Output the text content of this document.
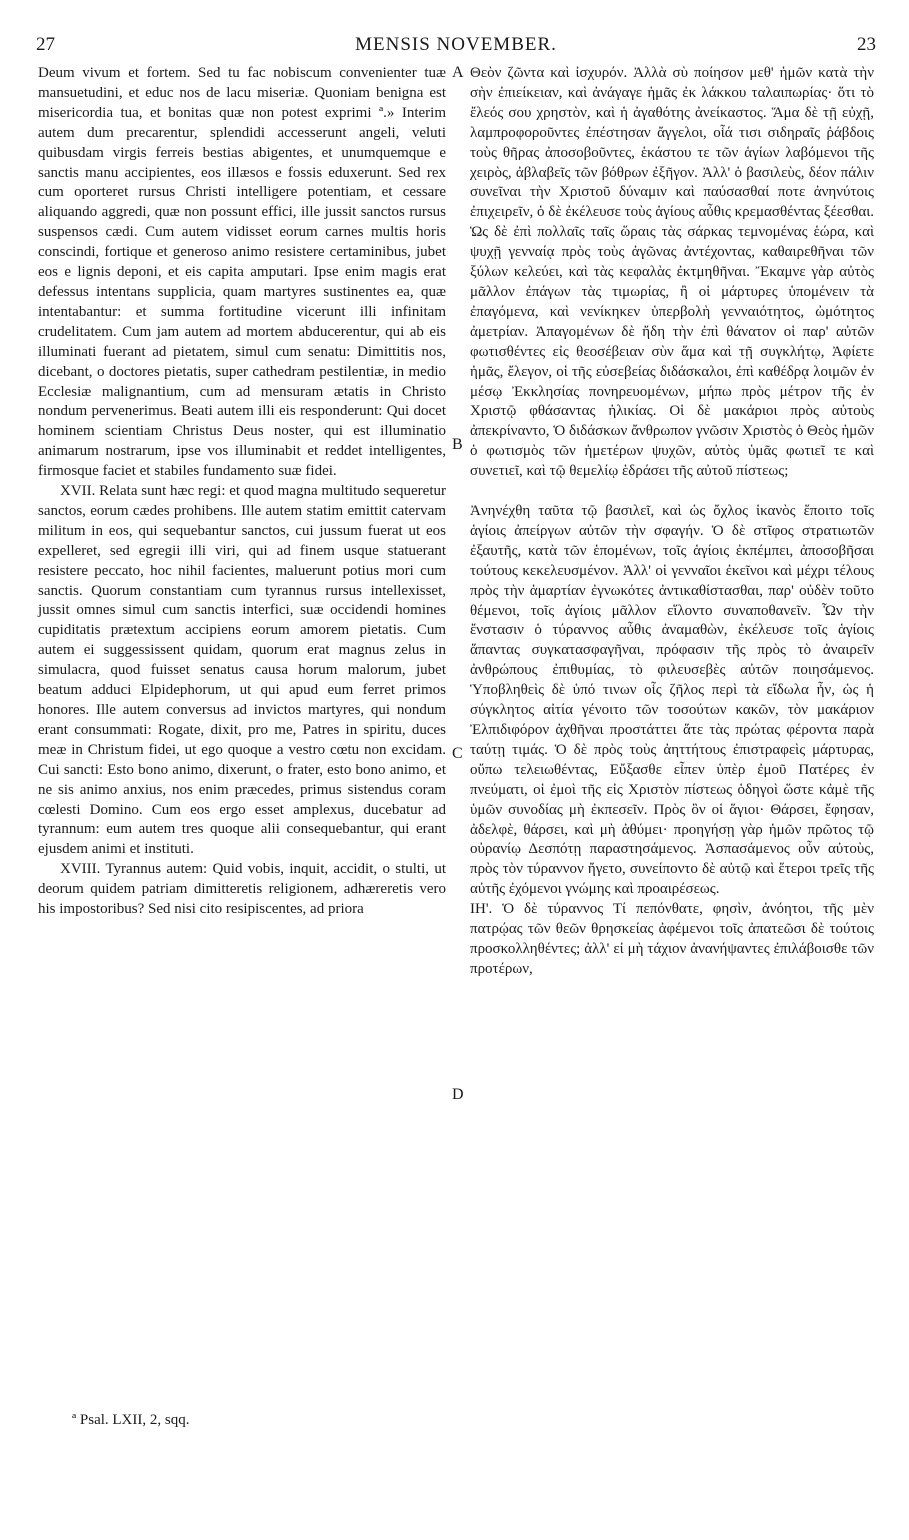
27	MENSIS NOVEMBER.	23

Deum vivum et fortem. Sed tu fac nobiscum convenienter tuæ mansuetudini, et educ nos de lacu miseriæ. Quoniam benigna est misericordia tua, et bonitas quæ non potest exprimi ª.» Interim autem dum precarentur, splendidi accesserunt angeli, veluti quibusdam virgis ferreis bestias abigentes, et unumquemque e sanctis manu accipientes, eos illæsos e fossis eduxerunt. Sed rex cum oporteret rursus Christi intelligere potentiam, et cessare aliquando aggredi, quæ non possunt effici, ille jussit sanctos rursus suspensos cædi. Cum autem vidisset eorum carnes multis horis conscindi, fortique et generoso animo resistere certaminibus, jubet eos e lignis deponi, et eis capita amputari. Ipse enim magis erat defessus intentans supplicia, quam martyres sustinentes ea, quæ intentabantur: et summa fortitudine vicerunt illi infinitam crudelitatem. Cum jam autem ad mortem abducerentur, qui ab eis illuminati fuerant ad pietatem, simul cum senatu: Dimittitis nos, dicebant, o doctores pietatis, super cathedram pestilentiæ, in medio Ecclesiæ malignantium, cum ad mensuram ætatis in Christo nondum pervenerimus. Beati autem illi eis responderunt: Qui docet hominem scientiam Christus Deus noster, qui est illuminatio animarum nostrarum, ipse vos illuminabit et reddet intelligentes, firmosque faciet et stabiles fundamento suæ fidei.

XVII. Relata sunt hæc regi: et quod magna multitudo sequeretur sanctos, eorum cædes prohibens. Ille autem statim emittit catervam militum in eos, qui sequebantur sanctos, cui jussum fuerat ut eos expelleret, sed egregii illi viri, qui ad finem usque statuerant resistere peccato, hoc nihil facientes, maluerunt potius mori cum sanctis. Quorum constantiam cum tyrannus rursus intellexisset, jussit omnes simul cum sanctis interfici, suæ occidendi homines cupiditatis prætextum accipiens eorum amorem pietatis. Cum autem ei suggessissent quidam, quorum erat magnus zelus in simulacra, quod fuisset senatus causa horum malorum, jubet beatum adduci Elpidephorum, ut qui apud eum ferret primos honores. Ille autem conversus ad invictos martyres, qui nondum erant consummati: Rogate, dixit, pro me, Patres in spiritu, duces meæ in Christum fidei, ut ego quoque a vestro cœtu non excidam. Cui sancti: Esto bono animo, dixerunt, o frater, esto bono animo, et ne sis animo anxius, nos enim præcedes, primus sistendus coram cœlesti Domino. Cum eos ergo esset amplexus, ducebatur ad tyrannum: eum autem tres quoque alii consequebantur, qui erant ejusdem animi et instituti.

XVIII. Tyrannus autem: Quid vobis, inquit, accidit, o stulti, ut deorum quidem patriam dimitteretis religionem, adhæreretis vero his impostoribus? Sed nisi cito resipiscentes, ad priora

Θεὸν ζῶντα καὶ ἰσχυρόν. Ἀλλὰ σὺ ποίησον μεθ' ἡμῶν κατὰ τὴν σὴν ἐπιείκειαν, καὶ ἀνάγαγε ἡμᾶς ἐκ λάκκου ταλαιπωρίας· ὅτι τὸ ἔλεός σου χρηστὸν, καὶ ἡ ἀγαθότης ἀνείκαστος. Ἅμα δὲ τῇ εὐχῇ, λαμπροφοροῦντες ἐπέστησαν ἄγγελοι, οἷά τισι σιδηραῖς ῥάβδοις τοὺς θῆρας ἀποσοβοῦντες, ἑκάστου τε τῶν ἁγίων λαβόμενοι τῆς χειρὸς, ἀβλαβεῖς τῶν βόθρων ἐξῆγον. Ἀλλ' ὁ βασιλεὺς, δέον πάλιν συνεῖναι τὴν Χριστοῦ δύναμιν καὶ παύσασθαί ποτε ἀνηνύτοις ἐπιχειρεῖν, ὁ δὲ ἐκέλευσε τοὺς ἁγίους αὖθις κρεμασθέντας ξέεσθαι. Ὡς δὲ ἐπὶ πολλαῖς ταῖς ὥραις τὰς σάρκας τεμνομένας ἑώρα, καὶ ψυχῇ γενναίᾳ πρὸς τοὺς ἀγῶνας ἀντέχοντας, καθαιρεθῆναι τῶν ξύλων κελεύει, καὶ τὰς κεφαλὰς ἐκτμηθῆναι. Ἔκαμνε γὰρ αὐτὸς μᾶλλον ἐπάγων τὰς τιμωρίας, ἢ οἱ μάρτυρες ὑπομένειν τὰ ἐπαγόμενα, καὶ νενίκηκεν ὑπερβολὴ γενναιότητος, ὠμότητος ἀμετρίαν. Ἀπαγομένων δὲ ἤδη τὴν ἐπὶ θάνατον οἱ παρ' αὐτῶν φωτισθέντες εἰς θεοσέβειαν σὺν ἅμα καὶ τῇ συγκλήτῳ, Ἀφίετε ἡμᾶς, ἔλεγον, οἱ τῆς εὐσεβείας διδάσκαλοι, ἐπὶ καθέδρᾳ λοιμῶν ἐν μέσῳ Ἐκκλησίας πονηρευομένων, μήπω πρὸς μέτρον τῆς ἐν Χριστῷ φθάσαντας ἡλικίας. Οἱ δὲ μακάριοι πρὸς αὐτοὺς ἀπεκρίναντο, Ὁ διδάσκων ἄνθρωπον γνῶσιν Χριστὸς ὁ Θεὸς ἡμῶν ὁ φωτισμὸς τῶν ἡμετέρων ψυχῶν, αὐτὸς ὑμᾶς φωτιεῖ τε καὶ συνετιεῖ, καὶ τῷ θεμελίῳ ἑδράσει τῆς αὐτοῦ πίστεως;

Ἀνηνέχθη ταῦτα τῷ βασιλεῖ, καὶ ὡς ὄχλος ἱκανὸς ἕποιτο τοῖς ἁγίοις ἀπείργων αὐτῶν τὴν σφαγήν. Ὁ δὲ στῖφος στρατιωτῶν ἐξαυτῆς, κατὰ τῶν ἑπομένων, τοῖς ἁγίοις ἐκπέμπει, ἀποσοβῆσαι τούτους κεκελευσμένον. Ἀλλ' οἱ γενναῖοι ἐκεῖνοι καὶ μέχρι τέλους πρὸς τὴν ἁμαρτίαν ἐγνωκότες ἀντικαθίστασθαι, παρ' οὐδὲν τοῦτο θέμενοι, τοῖς ἁγίοις μᾶλλον εἵλοντο συναποθανεῖν. Ὧν τὴν ἔνστασιν ὁ τύραννος αὖθις ἀναμαθὼν, ἐκέλευσε τοῖς ἁγίοις ἅπαντας συγκατασφαγῆναι, πρόφασιν τῆς πρὸς τὸ ἀναιρεῖν ἀνθρώπους ἐπιθυμίας, τὸ φιλευσεβὲς αὐτῶν ποιησάμενος. Ὑποβληθεὶς δὲ ὑπό τινων οἷς ζῆλος περὶ τὰ εἴδωλα ἦν, ὡς ἡ σύγκλητος αἰτία γένοιτο τῶν τοσούτων κακῶν, τὸν μακάριον Ἐλπιδιφόρον ἀχθῆναι προστάττει ἅτε τὰς πρώτας φέροντα παρὰ ταύτῃ τιμάς. Ὁ δὲ πρὸς τοὺς ἀηττήτους ἐπιστραφεὶς μάρτυρας, οὔπω τελειωθέντας, Εὔξασθε εἶπεν ὑπὲρ ἐμοῦ Πατέρες ἐν πνεύματι, οἱ ἐμοὶ τῆς εἰς Χριστὸν πίστεως ὁδηγοὶ ὥστε κἀμὲ τῆς ὑμῶν συνοδίας μὴ ἐκπεσεῖν. Πρὸς ὃν οἱ ἅγιοι· Θάρσει, ἔφησαν, ἀδελφὲ, θάρσει, καὶ μὴ ἀθύμει· προηγήσῃ γὰρ ἡμῶν πρῶτος τῷ οὐρανίῳ Δεσπότῃ παραστησάμενος. Ἀσπασάμενος οὖν αὐτοὺς, πρὸς τὸν τύραννον ἤγετο, συνείποντο δὲ αὐτῷ καὶ ἕτεροι τρεῖς τῆς αὐτῆς ἐχόμενοι γνώμης καὶ προαιρέσεως.

ΙΗ'. Ὁ δὲ τύραννος Τί πεπόνθατε, φησὶν, ἀνόητοι, τῆς μὲν πατρῴας τῶν θεῶν θρησκείας ἀφέμενοι τοῖς ἀπατεῶσι δὲ τούτοις προσκολληθέντες; ἀλλ' εἰ μὴ τάχιον ἀνανήψαντες ἐπιλάβοισθε τῶν προτέρων,

A
B
C
D
ª Psal. LXII, 2, sqq.
